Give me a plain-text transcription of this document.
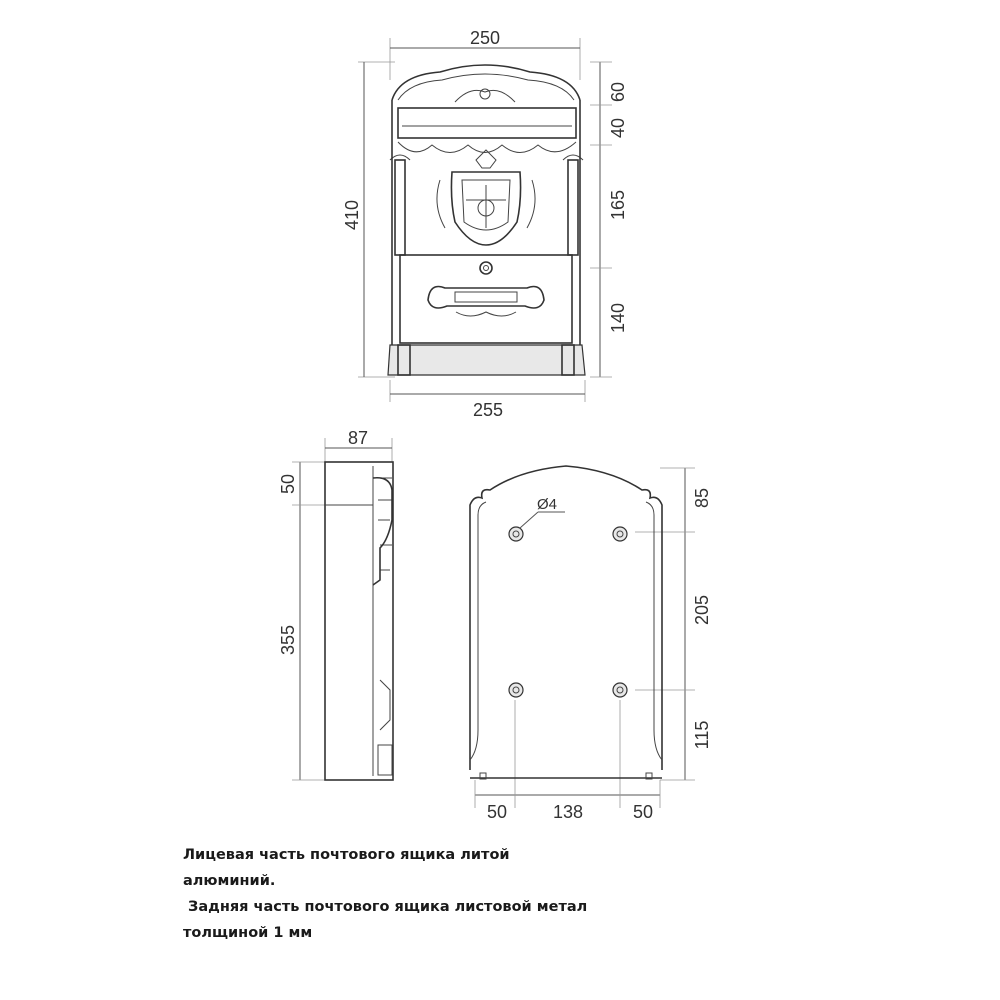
250
410
60
40
165
140
255
87
50
355
85
205
115
50	138	50
Ø4
Лицевая часть почтового ящика литой
алюминий.
Задняя часть почтового ящика листовой метал
толщиной 1 мм
